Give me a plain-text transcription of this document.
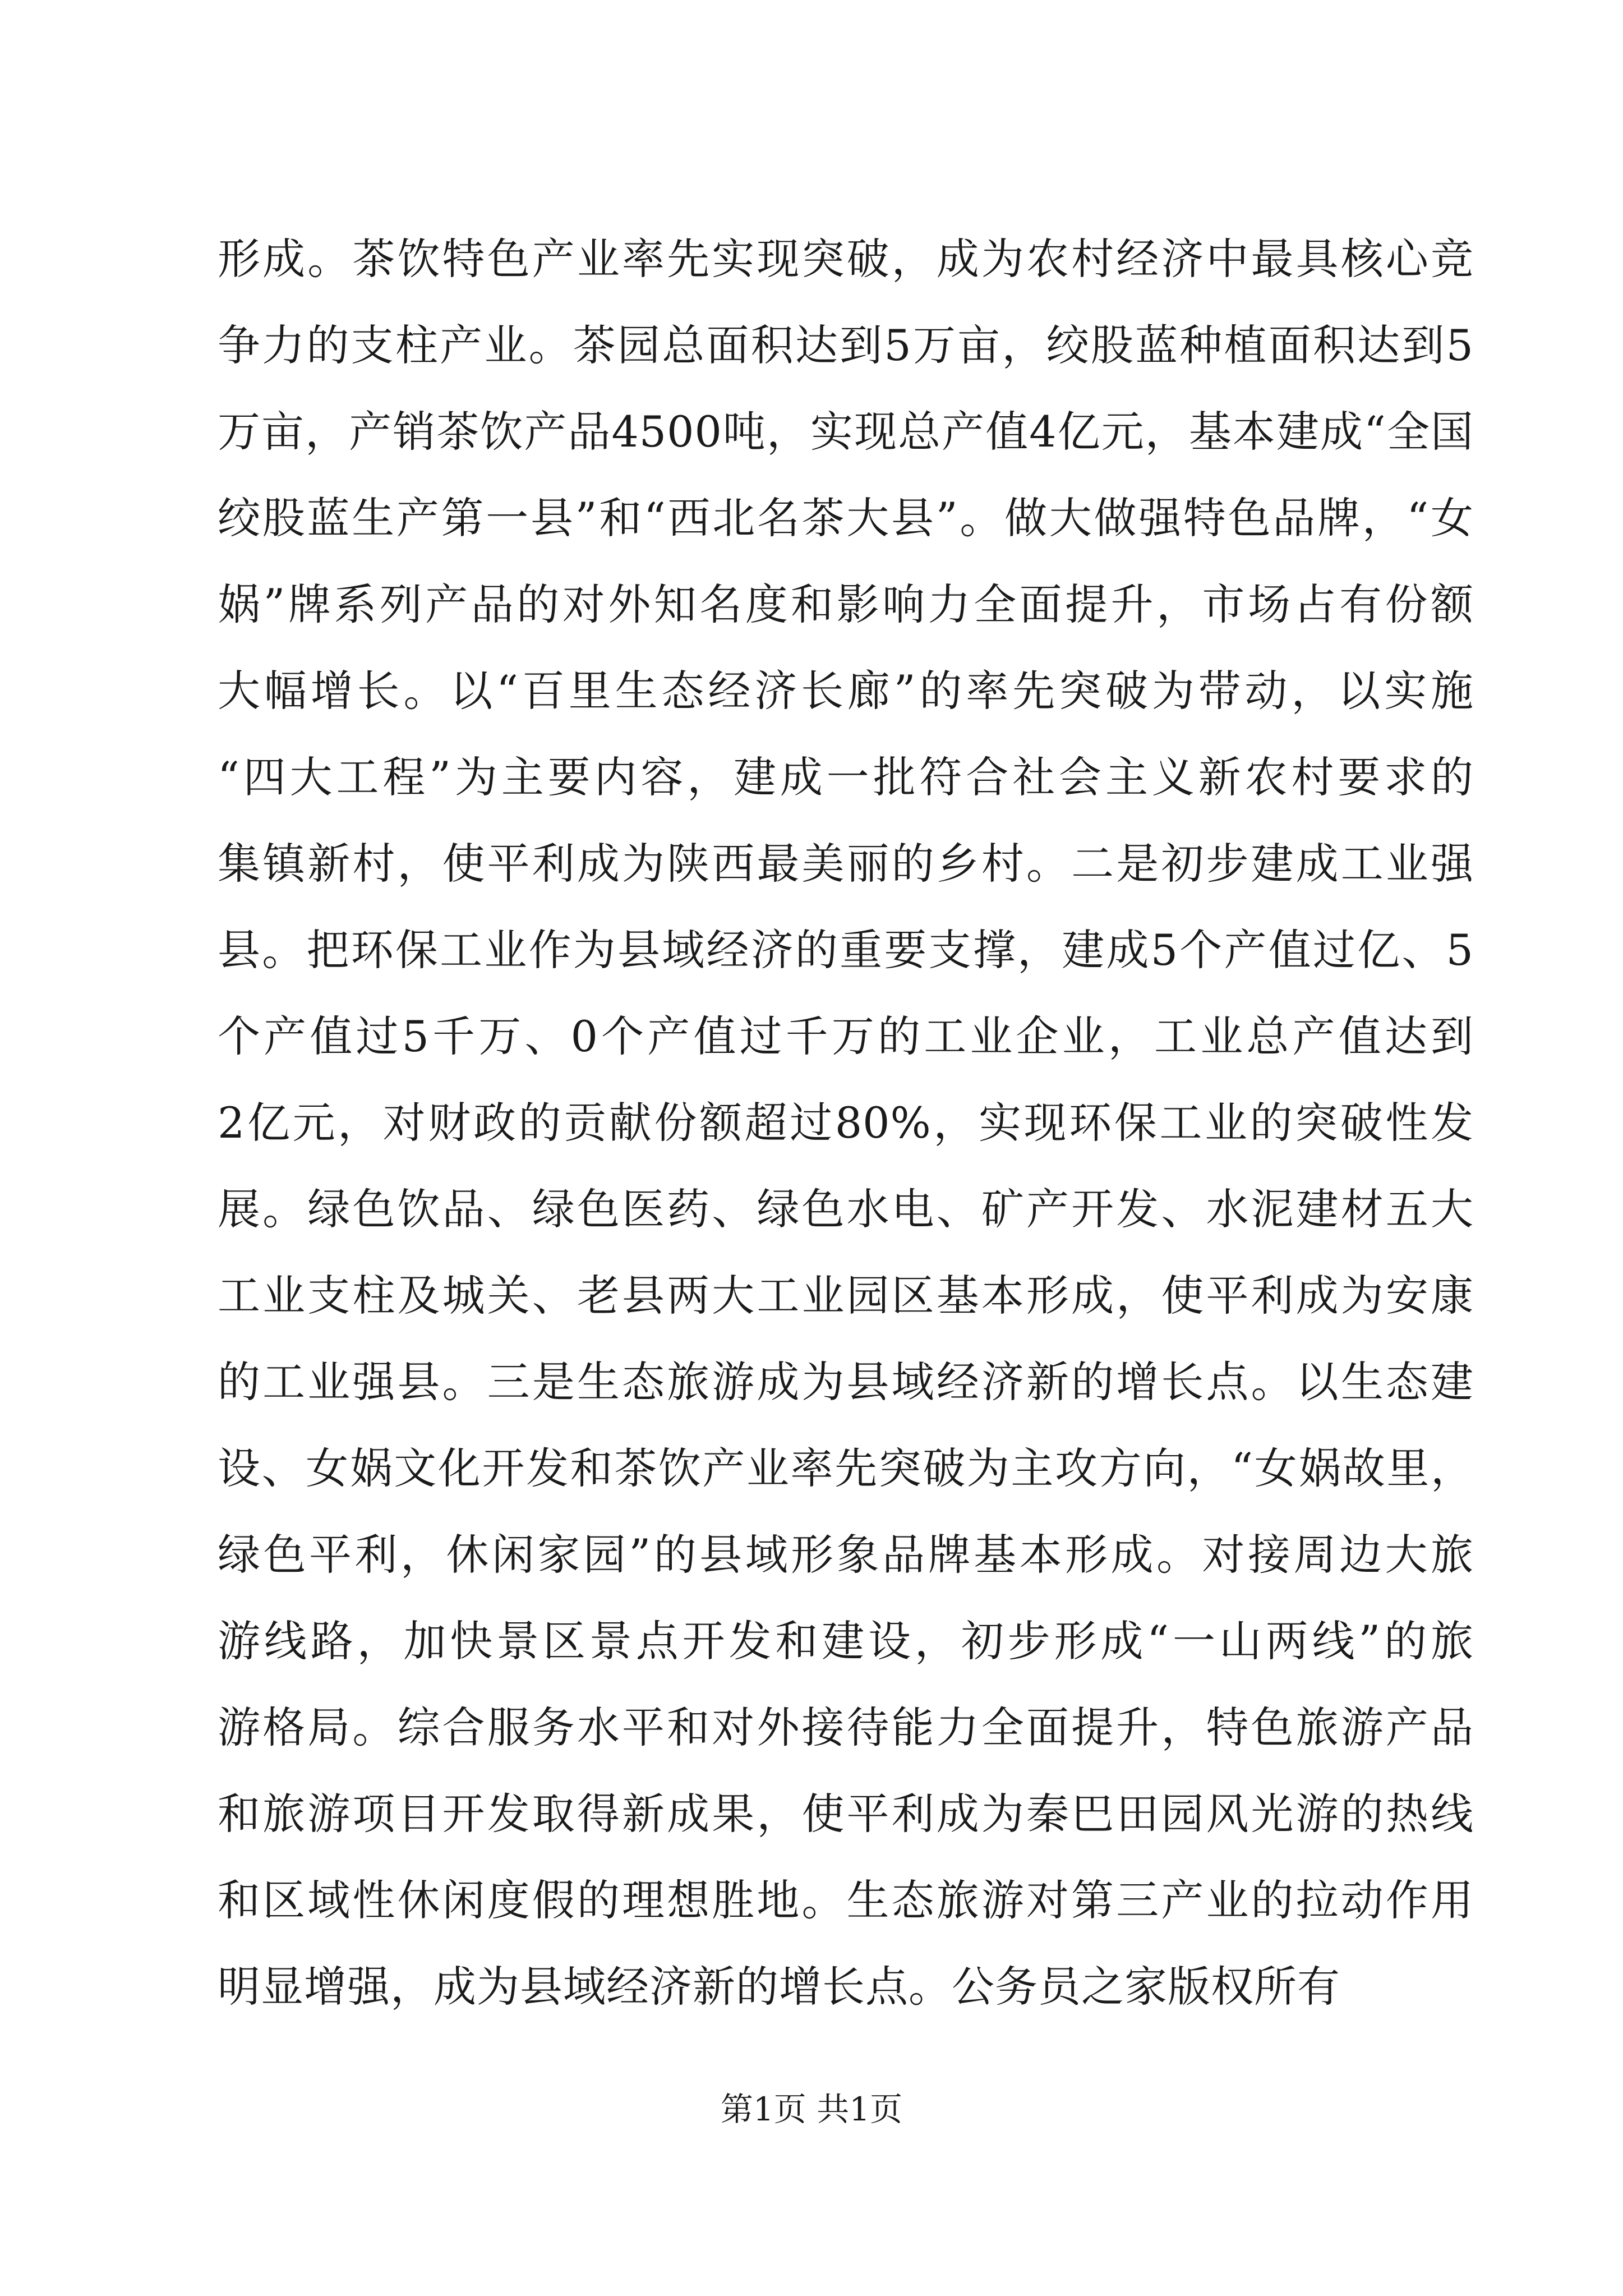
形成。茶饮特色产业率先实现突破，成为农村经济中最具核心竞
争力的支柱产业。茶园总面积达到5万亩，绞股蓝种植面积达到5
万亩，产销茶饮产品4500吨，实现总产值4亿元，基本建成“全国
绞股蓝生产第一县”和“西北名茶大县”。做大做强特色品牌，“女
娲”牌系列产品的对外知名度和影响力全面提升，市场占有份额
大幅增长。以“百里生态经济长廊”的率先突破为带动，以实施
“四大工程”为主要内容，建成一批符合社会主义新农村要求的
集镇新村，使平利成为陕西最美丽的乡村。二是初步建成工业强
县。把环保工业作为县域经济的重要支撑，建成5个产值过亿、5
个产值过5千万、0个产值过千万的工业企业，工业总产值达到
2亿元，对财政的贡献份额超过80%，实现环保工业的突破性发
展。绿色饮品、绿色医药、绿色水电、矿产开发、水泥建材五大
工业支柱及城关、老县两大工业园区基本形成，使平利成为安康
的工业强县。三是生态旅游成为县域经济新的增长点。以生态建
设、女娲文化开发和茶饮产业率先突破为主攻方向，“女娲故里，
绿色平利，休闲家园”的县域形象品牌基本形成。对接周边大旅
游线路，加快景区景点开发和建设，初步形成“一山两线”的旅
游格局。综合服务水平和对外接待能力全面提升，特色旅游产品
和旅游项目开发取得新成果，使平利成为秦巴田园风光游的热线
和区域性休闲度假的理想胜地。生态旅游对第三产业的拉动作用
明显增强，成为县域经济新的增长点。公务员之家版权所有
第1页 共1页
